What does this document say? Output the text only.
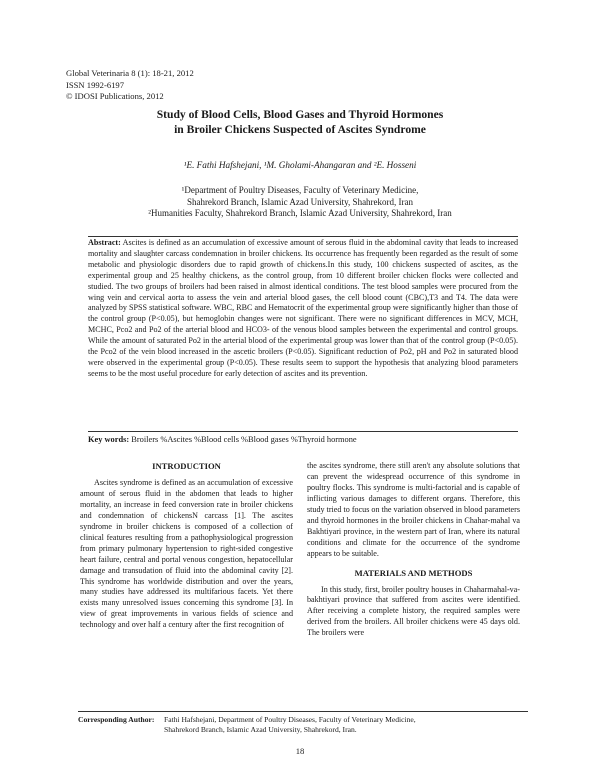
Global Veterinaria 8 (1): 18-21, 2012
ISSN 1992-6197
© IDOSI Publications, 2012
Study of Blood Cells, Blood Gases and Thyroid Hormones
in Broiler Chickens Suspected of Ascites Syndrome
¹E. Fathi Hafshejani, ¹M. Gholami-Ahangaran and ²E. Hosseni
¹Department of Poultry Diseases, Faculty of Veterinary Medicine,
Shahrekord Branch, Islamic Azad University, Shahrekord, Iran
²Humanities Faculty, Shahrekord Branch, Islamic Azad University, Shahrekord, Iran
Abstract: Ascites is defined as an accumulation of excessive amount of serous fluid in the abdominal cavity that leads to increased mortality and slaughter carcass condemnation in broiler chickens. Its occurrence has frequently been regarded as the result of some metabolic and physiologic disorders due to rapid growth of chickens.In this study, 100 chickens suspected of ascites, as the experimental group and 25 healthy chickens, as the control group, from 10 different broiler chicken flocks were collected and studied. The two groups of broilers had been raised in almost identical conditions. The test blood samples were procured from the wing vein and cervical aorta to assess the vein and arterial blood gases, the cell blood count (CBC),T3 and T4. The data were analyzed by SPSS statistical software. WBC, RBC and Hematocrit of the experimental group were significantly higher than those of the control group (P<0.05), but hemoglobin changes were not significant. There were no significant differences in MCV, MCH, MCHC, Pco2 and Po2 of the arterial blood and HCO3- of the venous blood samples between the experimental and control groups. While the amount of saturated Po2 in the arterial blood of the experimental group was lower than that of the control group (P<0.05). the Pco2 of the vein blood increased in the ascetic broilers (P<0.05). Significant reduction of Po2, pH and Po2 in saturated blood were observed in the experimental group (P<0.05). These results seem to support the hypothesis that analyzing blood parameters seems to be the most useful procedure for early detection of ascites and its prevention.
Key words: Broilers %Ascites %Blood cells %Blood gases %Thyroid hormone
INTRODUCTION

Ascites syndrome is defined as an accumulation of excessive amount of serous fluid in the abdomen that leads to higher mortality, an increase in feed conversion rate in broiler chickens and condemnation of chickensN carcass [1]. The ascites syndrome in broiler chickens is composed of a collection of clinical features resulting from a pathophysiological progression from primary pulmonary hypertension to right-sided congestive heart failure, central and portal venous congestion, hepatocellular damage and transudation of fluid into the abdominal cavity [2]. This syndrome has worldwide distribution and over the years, many studies have addressed its multifarious facets. Yet there exists many unresolved issues concerning this syndrome [3]. In view of great improvements in various fields of science and technology and over half a century after the first recognition of

the ascites syndrome, there still aren't any absolute solutions that can prevent the widespread occurrence of this syndrome in poultry flocks. This syndrome is multi-factorial and is capable of inflicting various damages to different organs. Therefore, this study tried to focus on the variation observed in blood parameters and thyroid hormones in the broiler chickens in Chahar-mahal va Bakhtiyari province, in the western part of Iran, where its natural conditions and climate for the occurrence of the syndrome appears to be suitable.

MATERIALS AND METHODS

In this study, first, broiler poultry houses in Chaharmahal-va-bakhtiyari province that suffered from ascites were identified. After receiving a complete history, the required samples were derived from the broilers. All broiler chickens were 45 days old. The broilers were

Corresponding Author: Fathi Hafshejani, Department of Poultry Diseases, Faculty of Veterinary Medicine,
Shahrekord Branch, Islamic Azad University, Shahrekord, Iran.
18
